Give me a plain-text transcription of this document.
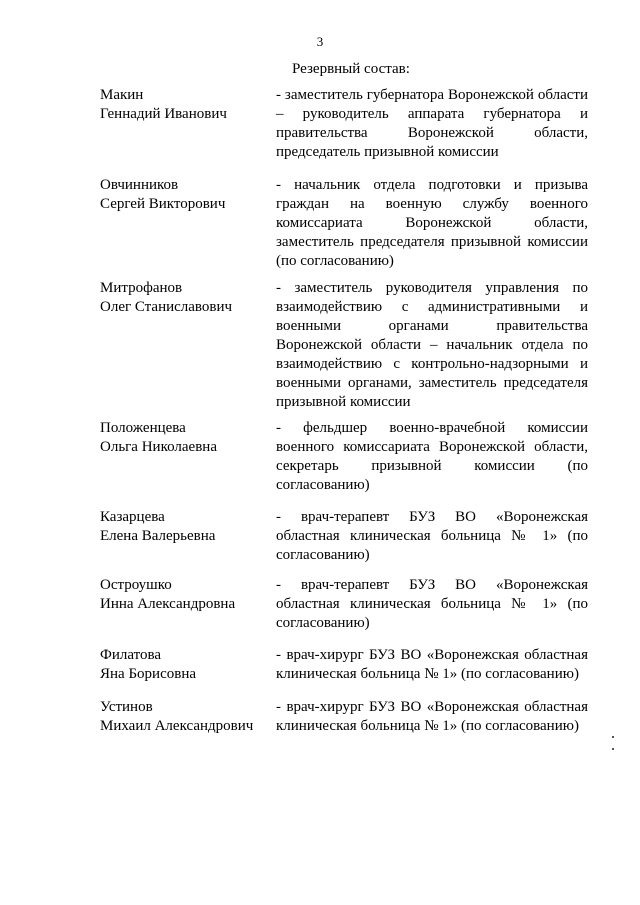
3
Резервный состав:
Макин
Геннадий Иванович
- заместитель губернатора Воронежской области – руководитель аппарата губернатора и правительства Воронежской области, председатель призывной комиссии
Овчинников
Сергей Викторович
- начальник отдела подготовки и призыва граждан на военную службу военного комиссариата Воронежской области, заместитель председателя призывной комиссии (по согласованию)
Митрофанов
Олег Станиславович
- заместитель руководителя управления по взаимодействию с административными и военными органами правительства Воронежской области – начальник отдела по взаимодействию с контрольно-надзорными и военными органами, заместитель председателя призывной комиссии
Положенцева
Ольга Николаевна
- фельдшер военно-врачебной комиссии военного комиссариата Воронежской области, секретарь призывной комиссии (по согласованию)
Казарцева
Елена Валерьевна
- врач-терапевт БУЗ ВО «Воронежская областная клиническая больница № 1» (по согласованию)
Остроушко
Инна Александровна
- врач-терапевт БУЗ ВО «Воронежская областная клиническая больница № 1» (по согласованию)
Филатова
Яна Борисовна
- врач-хирург БУЗ ВО «Воронежская областная клиническая больница № 1» (по согласованию)
Устинов
Михаил Александрович
- врач-хирург БУЗ ВО «Воронежская областная клиническая больница № 1» (по согласованию)
